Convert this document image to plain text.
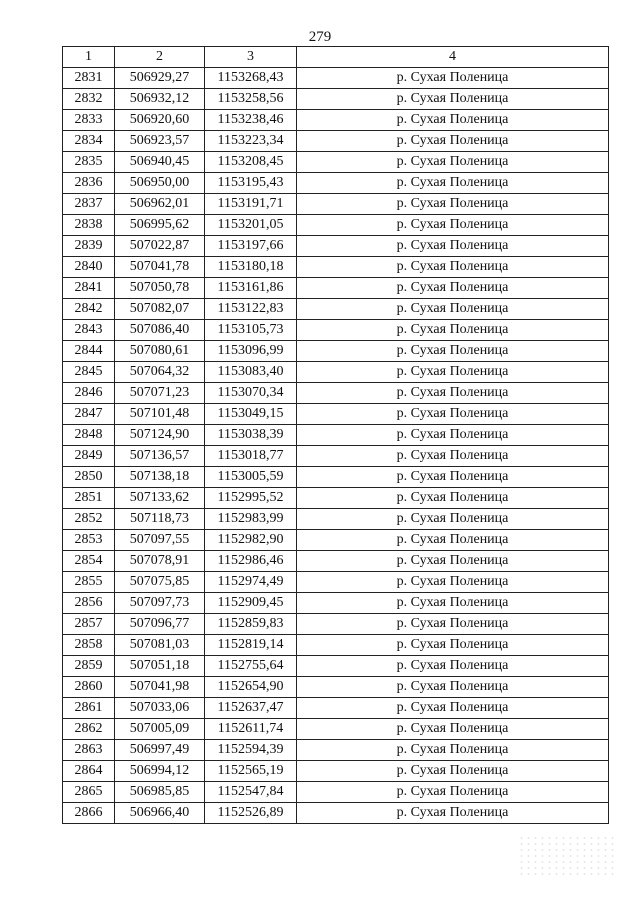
279
1	2	3	4
2831	506929,27	1153268,43	р. Сухая Поленица
2832	506932,12	1153258,56	р. Сухая Поленица
2833	506920,60	1153238,46	р. Сухая Поленица
2834	506923,57	1153223,34	р. Сухая Поленица
2835	506940,45	1153208,45	р. Сухая Поленица
2836	506950,00	1153195,43	р. Сухая Поленица
2837	506962,01	1153191,71	р. Сухая Поленица
2838	506995,62	1153201,05	р. Сухая Поленица
2839	507022,87	1153197,66	р. Сухая Поленица
2840	507041,78	1153180,18	р. Сухая Поленица
2841	507050,78	1153161,86	р. Сухая Поленица
2842	507082,07	1153122,83	р. Сухая Поленица
2843	507086,40	1153105,73	р. Сухая Поленица
2844	507080,61	1153096,99	р. Сухая Поленица
2845	507064,32	1153083,40	р. Сухая Поленица
2846	507071,23	1153070,34	р. Сухая Поленица
2847	507101,48	1153049,15	р. Сухая Поленица
2848	507124,90	1153038,39	р. Сухая Поленица
2849	507136,57	1153018,77	р. Сухая Поленица
2850	507138,18	1153005,59	р. Сухая Поленица
2851	507133,62	1152995,52	р. Сухая Поленица
2852	507118,73	1152983,99	р. Сухая Поленица
2853	507097,55	1152982,90	р. Сухая Поленица
2854	507078,91	1152986,46	р. Сухая Поленица
2855	507075,85	1152974,49	р. Сухая Поленица
2856	507097,73	1152909,45	р. Сухая Поленица
2857	507096,77	1152859,83	р. Сухая Поленица
2858	507081,03	1152819,14	р. Сухая Поленица
2859	507051,18	1152755,64	р. Сухая Поленица
2860	507041,98	1152654,90	р. Сухая Поленица
2861	507033,06	1152637,47	р. Сухая Поленица
2862	507005,09	1152611,74	р. Сухая Поленица
2863	506997,49	1152594,39	р. Сухая Поленица
2864	506994,12	1152565,19	р. Сухая Поленица
2865	506985,85	1152547,84	р. Сухая Поленица
2866	506966,40	1152526,89	р. Сухая Поленица
